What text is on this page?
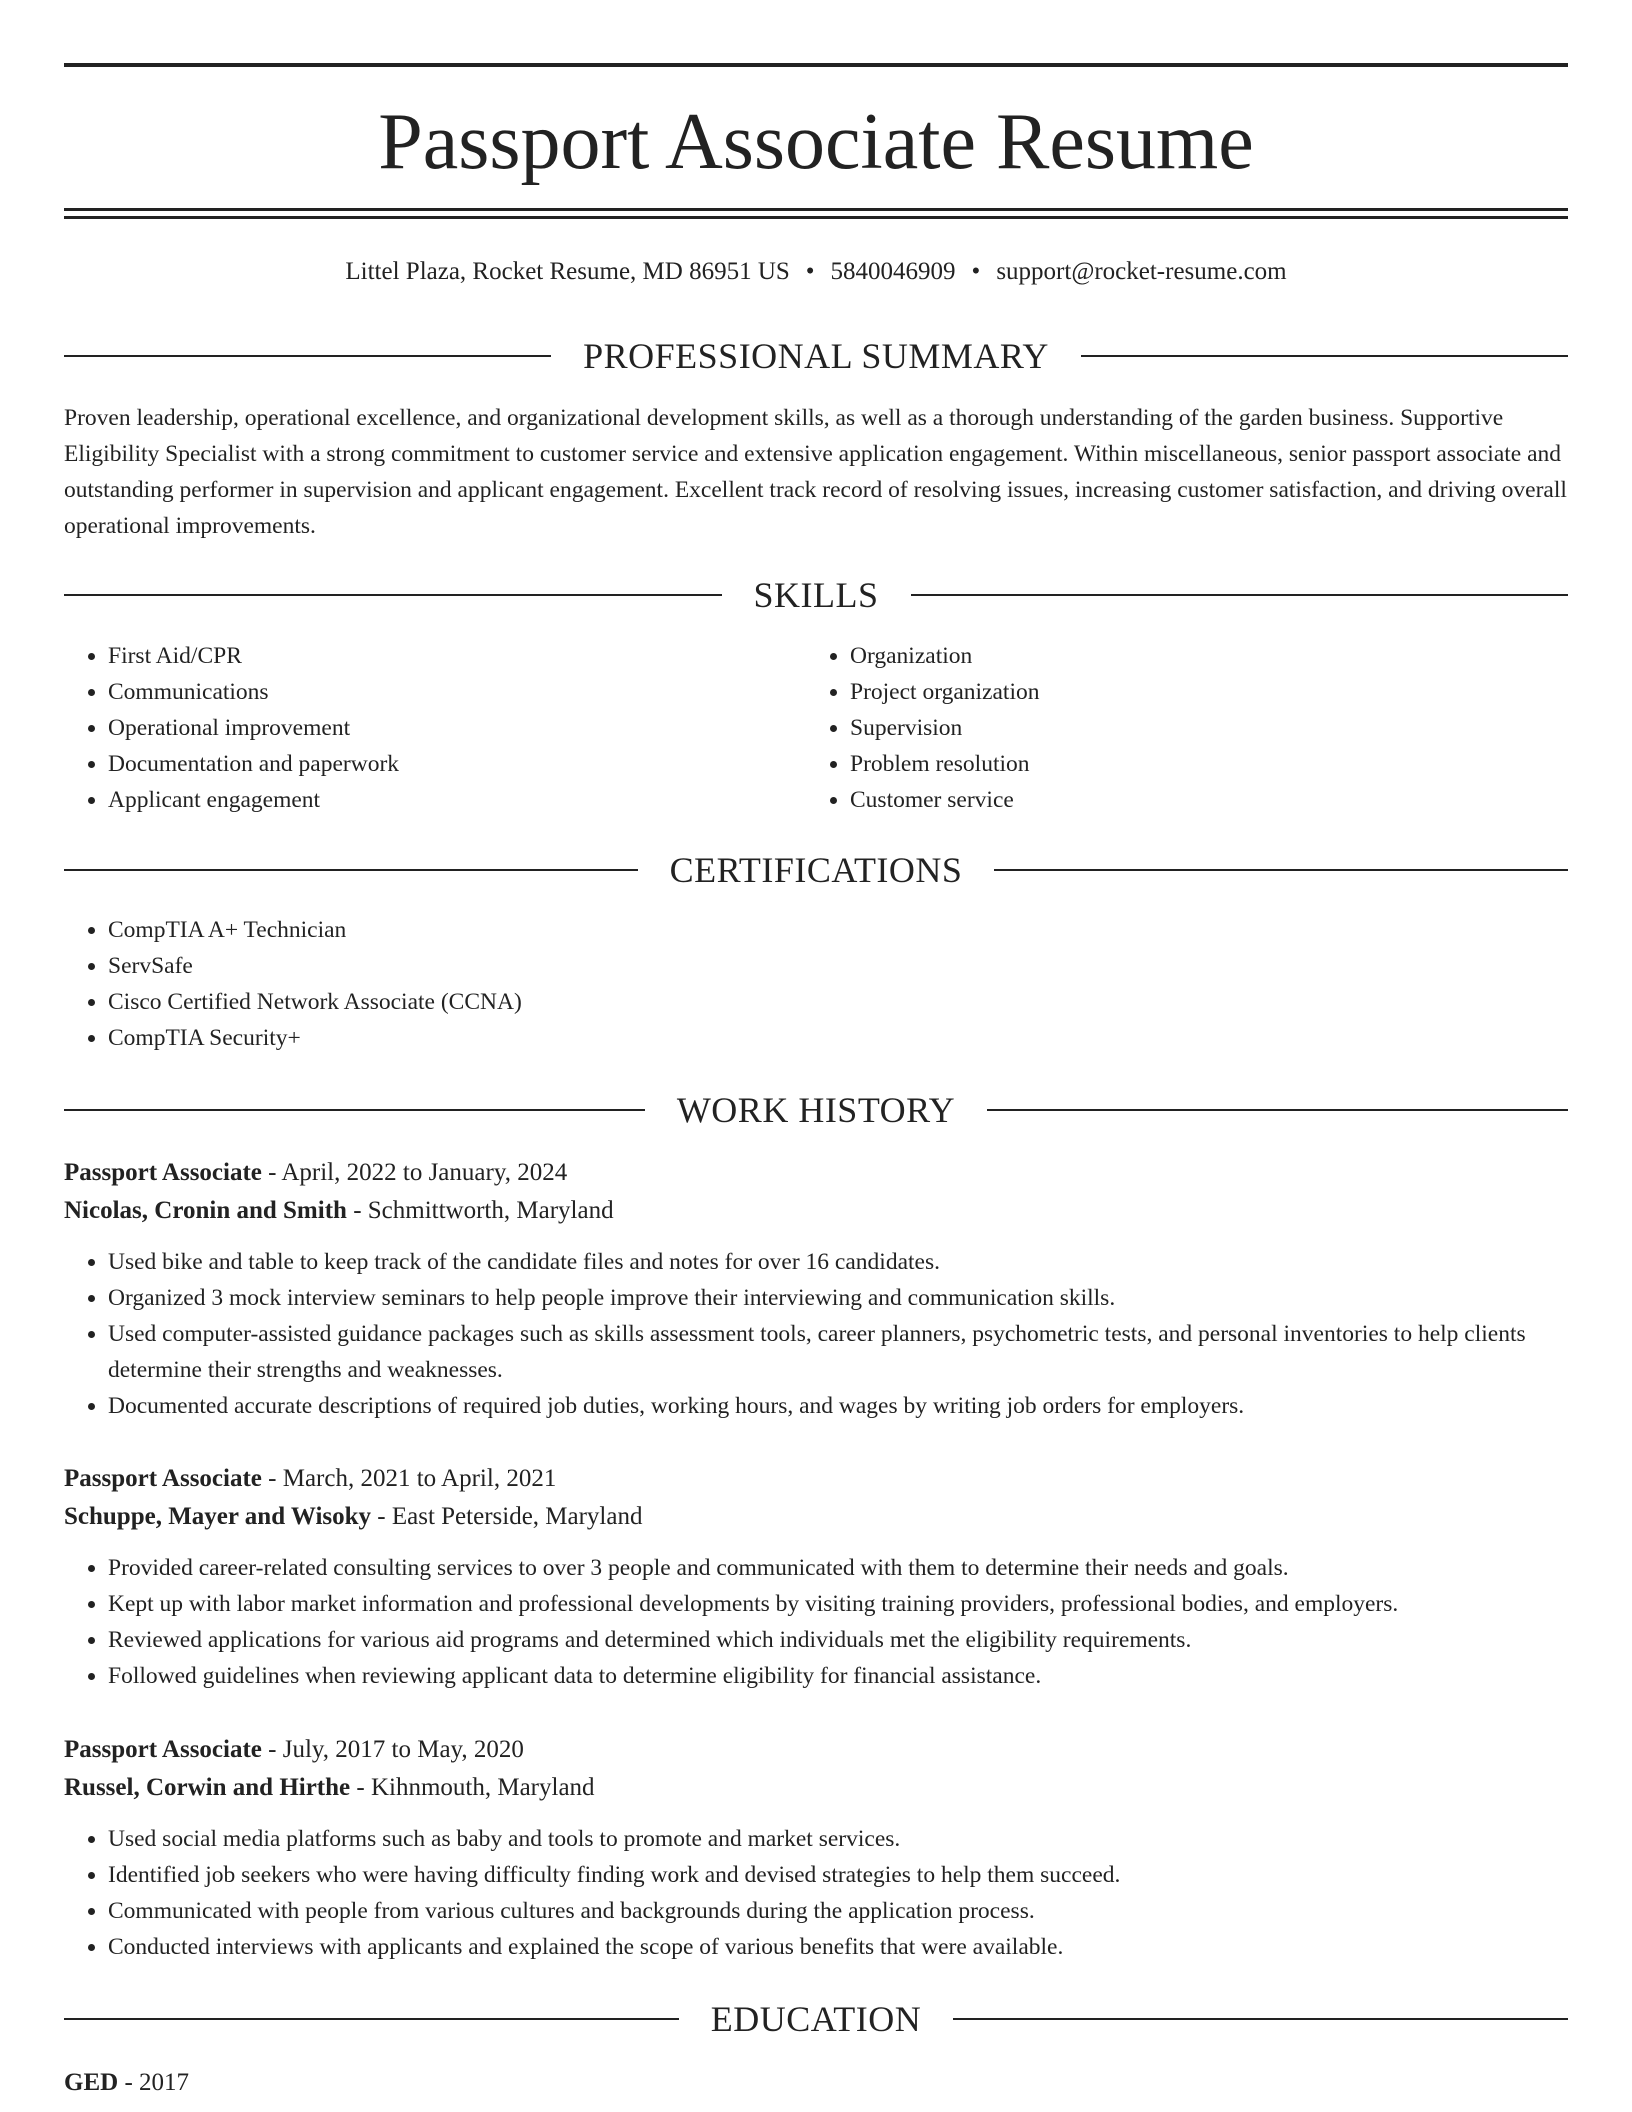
Passport Associate Resume
Littel Plaza, Rocket Resume, MD 86951 US • 5840046909 • support@rocket-resume.com
PROFESSIONAL SUMMARY

Proven leadership, operational excellence, and organizational development skills, as well as a thorough understanding of the garden business. Supportive Eligibility Specialist with a strong commitment to customer service and extensive application engagement. Within miscellaneous, senior passport associate and outstanding performer in supervision and applicant engagement. Excellent track record of resolving issues, increasing customer satisfaction, and driving overall operational improvements.

SKILLS
• First Aid/CPR
• Communications
• Operational improvement
• Documentation and paperwork
• Applicant engagement
• Organization
• Project organization
• Supervision
• Problem resolution
• Customer service
CERTIFICATIONS
• CompTIA A+ Technician
• ServSafe
• Cisco Certified Network Associate (CCNA)
• CompTIA Security+
WORK HISTORY
Passport Associate - April, 2022 to January, 2024
Nicolas, Cronin and Smith - Schmittworth, Maryland
• Used bike and table to keep track of the candidate files and notes for over 16 candidates.
• Organized 3 mock interview seminars to help people improve their interviewing and communication skills.
• Used computer-assisted guidance packages such as skills assessment tools, career planners, psychometric tests, and personal inventories to help clients determine their strengths and weaknesses.
• Documented accurate descriptions of required job duties, working hours, and wages by writing job orders for employers.
Passport Associate - March, 2021 to April, 2021
Schuppe, Mayer and Wisoky - East Peterside, Maryland
• Provided career-related consulting services to over 3 people and communicated with them to determine their needs and goals.
• Kept up with labor market information and professional developments by visiting training providers, professional bodies, and employers.
• Reviewed applications for various aid programs and determined which individuals met the eligibility requirements.
• Followed guidelines when reviewing applicant data to determine eligibility for financial assistance.
Passport Associate - July, 2017 to May, 2020
Russel, Corwin and Hirthe - Kihnmouth, Maryland
• Used social media platforms such as baby and tools to promote and market services.
• Identified job seekers who were having difficulty finding work and devised strategies to help them succeed.
• Communicated with people from various cultures and backgrounds during the application process.
• Conducted interviews with applicants and explained the scope of various benefits that were available.
EDUCATION
GED - 2017
